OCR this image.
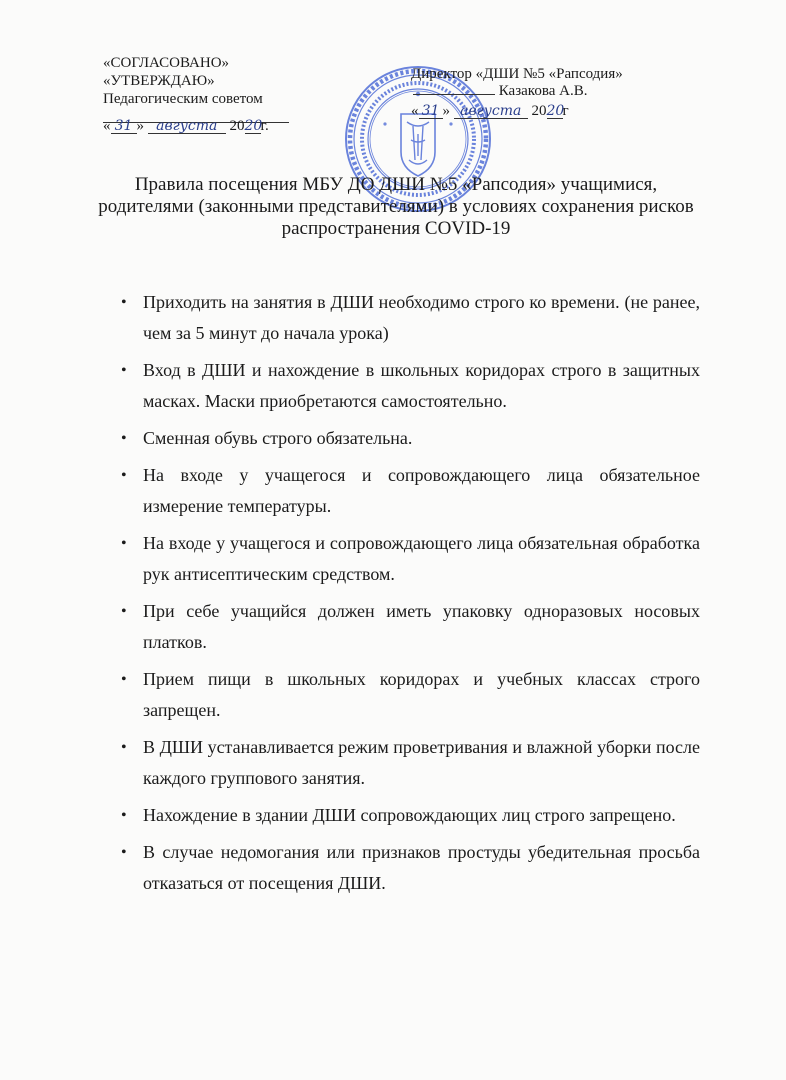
«СОГЛАСОВАНО»
«УТВЕРЖДАЮ»
Педагогическим советом
« 31 » августа 2020г.
Директор «ДШИ №5 «Рапсодия»
Казакова А.В.
« 31 » августа 2020г
Правила посещения МБУ ДО ДШИ №5 «Рапсодия» учащимися, родителями (законными представителями) в условиях сохранения рисков распространения COVID-19
• Приходить на занятия в ДШИ необходимо строго ко времени. (не ранее, чем за 5 минут до начала урока)
• Вход в ДШИ и нахождение в школьных коридорах строго в защитных масках. Маски приобретаются самостоятельно.
• Сменная обувь строго обязательна.
• На входе у учащегося и сопровождающего лица обязательное измерение температуры.
• На входе у учащегося и сопровождающего лица обязательная обработка рук антисептическим средством.
• При себе учащийся должен иметь упаковку одноразовых носовых платков.
• Прием пищи в школьных коридорах и учебных классах строго запрещен.
• В ДШИ устанавливается режим проветривания и влажной уборки после каждого группового занятия.
• Нахождение в здании ДШИ сопровождающих лиц строго запрещено.
• В случае недомогания или признаков простуды убедительная просьба отказаться от посещения ДШИ.
